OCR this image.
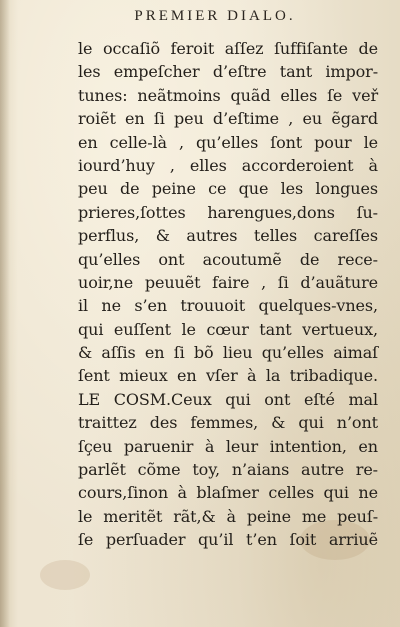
PREMIER DIALO.
le occaſiõ feroit aſſez ſuffiſante de
les empeſcher d’eſtre tant impor-
tunes: neãtmoins quãd elles ſe veř
roiẽt en ſi peu d’eſtime , eu ẽgard
en celle-là , qu’elles ſont pour le
iourd’huy , elles accorderoient à
peu de peine ce que les longues
prieres,ſottes harengues,dons ſu-
perflus, & autres telles careſſes
qu’elles ont acoutumẽ de rece-
uoir,ne peuuẽt faire , ſi d’auãture
il ne s’en trouuoit quelques-vnes,
qui euſſent le cœur tant vertueux,
& aſſis en ſi bõ lieu qu’elles aimaſ
ſent mieux en vſer à la tribadique.
LE COSM.Ceux qui ont eſté mal
traittez des femmes, & qui n’ont
ſçeu paruenir à leur intention, en
parlẽt cõme toy, n’aians autre re-
cours,ſinon à blaſmer celles qui ne
le meritẽt rãt,& à peine me peuſ-
ſe perſuader qu’il t’en ſoit arriuẽ
